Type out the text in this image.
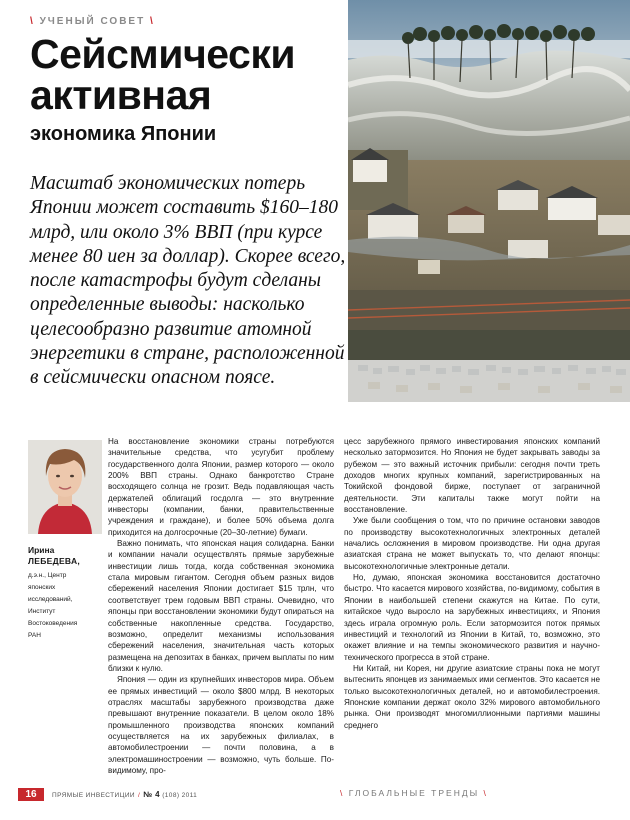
\ УЧЕНЫЙ СОВЕТ \
Сейсмически
активная
экономика Японии
Масштаб экономических потерь Японии может составить $160–180 млрд, или около 3% ВВП (при курсе менее 80 иен за доллар). Скорее всего, после катастрофы будут сделаны определенные выводы: насколько целесообразно развитие атомной энергетики в стране, расположенной в сейсмически опасном поясе.
Ирина
ЛЕБЕДЕВА,
д.э.н., Центр
японских
исследований,
Институт
Востоковедения
РАН

На восстановление экономики страны потребуются значительные средства, что усугубит проблему государственного долга Японии, размер которого — около 200% ВВП страны. Однако банкротство Стране восходящего солнца не грозит. Ведь подавляющая часть держателей облигаций госдолга — это внутренние инвесторы (компании, банки, правительственные учреждения и граждане), и более 50% объема долга приходится на долгосрочные (20–30-летние) бумаги.

Важно понимать, что японская нация солидарна. Банки и компании начали осуществлять прямые зарубежные инвестиции лишь тогда, когда собственная экономика стала мировым гигантом. Сегодня объем разных видов сбережений населения Японии достигает $15 трлн, что соответствует трем годовым ВВП страны. Очевидно, что японцы при восстановлении экономики будут опираться на собственные накопленные средства. Государство, возможно, определит механизмы использования сбережений населения, значительная часть которых размещена на депозитах в банках, причем выплаты по ним близки к нулю.

Япония — один из крупнейших инвесторов мира. Объем ее прямых инвестиций — около $800 млрд. В некоторых отраслях масштабы зарубежного производства даже превышают внутренние показатели. В целом около 18% промышленного производства японских компаний осуществляется на их зарубежных филиалах, в автомобилестроении — почти половина, а в электромашиностроении — возможно, чуть больше. По-видимому, про-

цесс зарубежного прямого инвестирования японских компаний несколько затормозится. Но Япония не будет закрывать заводы за рубежом — это важный источник прибыли: сегодня почти треть доходов многих крупных компаний, зарегистрированных на Токийской фондовой бирже, поступает от заграничной деятельности. Эти капиталы также могут пойти на восстановление.

Уже были сообщения о том, что по причине остановки заводов по производству высокотехнологичных электронных деталей начались осложнения в мировом производстве. Ни одна другая азиатская страна не может выпускать то, что делают японцы: высокотехнологичные электронные детали.

Но, думаю, японская экономика восстановится достаточно быстро. Что касается мирового хозяйства, по-видимому, события в Японии в наибольшей степени скажутся на Китае. По сути, китайское чудо выросло на зарубежных инвестициях, и Япония здесь играла огромную роль. Если затормозится поток прямых инвестиций и технологий из Японии в Китай, то, возможно, это окажет влияние и на темпы экономического развития и научно-технического прогресса в этой стране.

Ни Китай, ни Корея, ни другие азиатские страны пока не могут вытеснить японцев из занимаемых ими сегментов. Это касается не только высокотехнологичных деталей, но и автомобилестроения. Японские компании держат около 32% мирового автомобильного рынка. Они производят многомиллионными партиями машины среднего

16	ПРЯМЫЕ ИНВЕСТИЦИИ / № 4 (108) 2011	\ ГЛОБАЛЬНЫЕ ТРЕНДЫ \
